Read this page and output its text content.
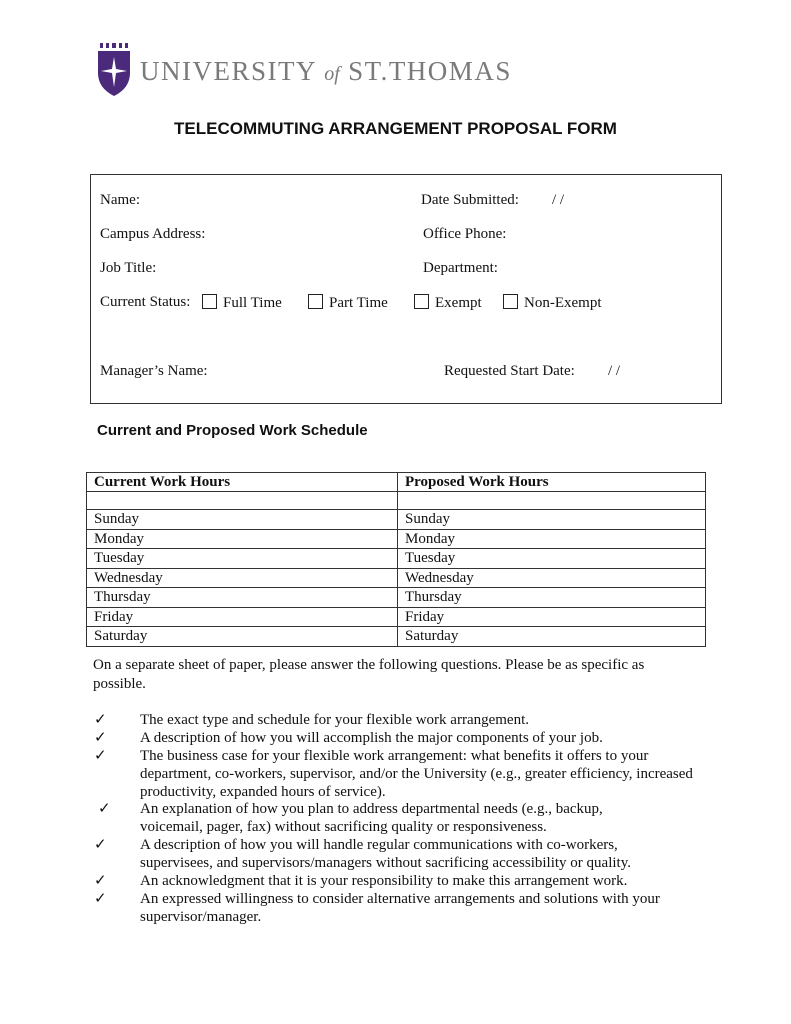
UNIVERSITY of ST.THOMAS
TELECOMMUTING ARRANGEMENT PROPOSAL FORM
Name:	Date Submitted: / /
Campus Address:	Office Phone:
Job Title:	Department:
Current Status:	Full Time	Part Time	Exempt	Non-Exempt
Manager’s Name:	Requested Start Date: / /
Current and Proposed Work Schedule
Current Work Hours	Proposed Work Hours

Sunday	Sunday
Monday	Monday
Tuesday	Tuesday
Wednesday	Wednesday
Thursday	Thursday
Friday	Friday
Saturday	Saturday
On a separate sheet of paper, please answer the following questions. Please be as specific as possible.
✓	The exact type and schedule for your flexible work arrangement.
✓	A description of how you will accomplish the major components of your job.
✓	The business case for your flexible work arrangement: what benefits it offers to your department, co-workers, supervisor, and/or the University (e.g., greater efficiency, increased productivity, expanded hours of service).
✓	An explanation of how you plan to address departmental needs (e.g., backup, voicemail, pager, fax) without sacrificing quality or responsiveness.
✓	A description of how you will handle regular communications with co-workers, supervisees, and supervisors/managers without sacrificing accessibility or quality.
✓	An acknowledgment that it is your responsibility to make this arrangement work.
✓	An expressed willingness to consider alternative arrangements and solutions with your supervisor/manager.
